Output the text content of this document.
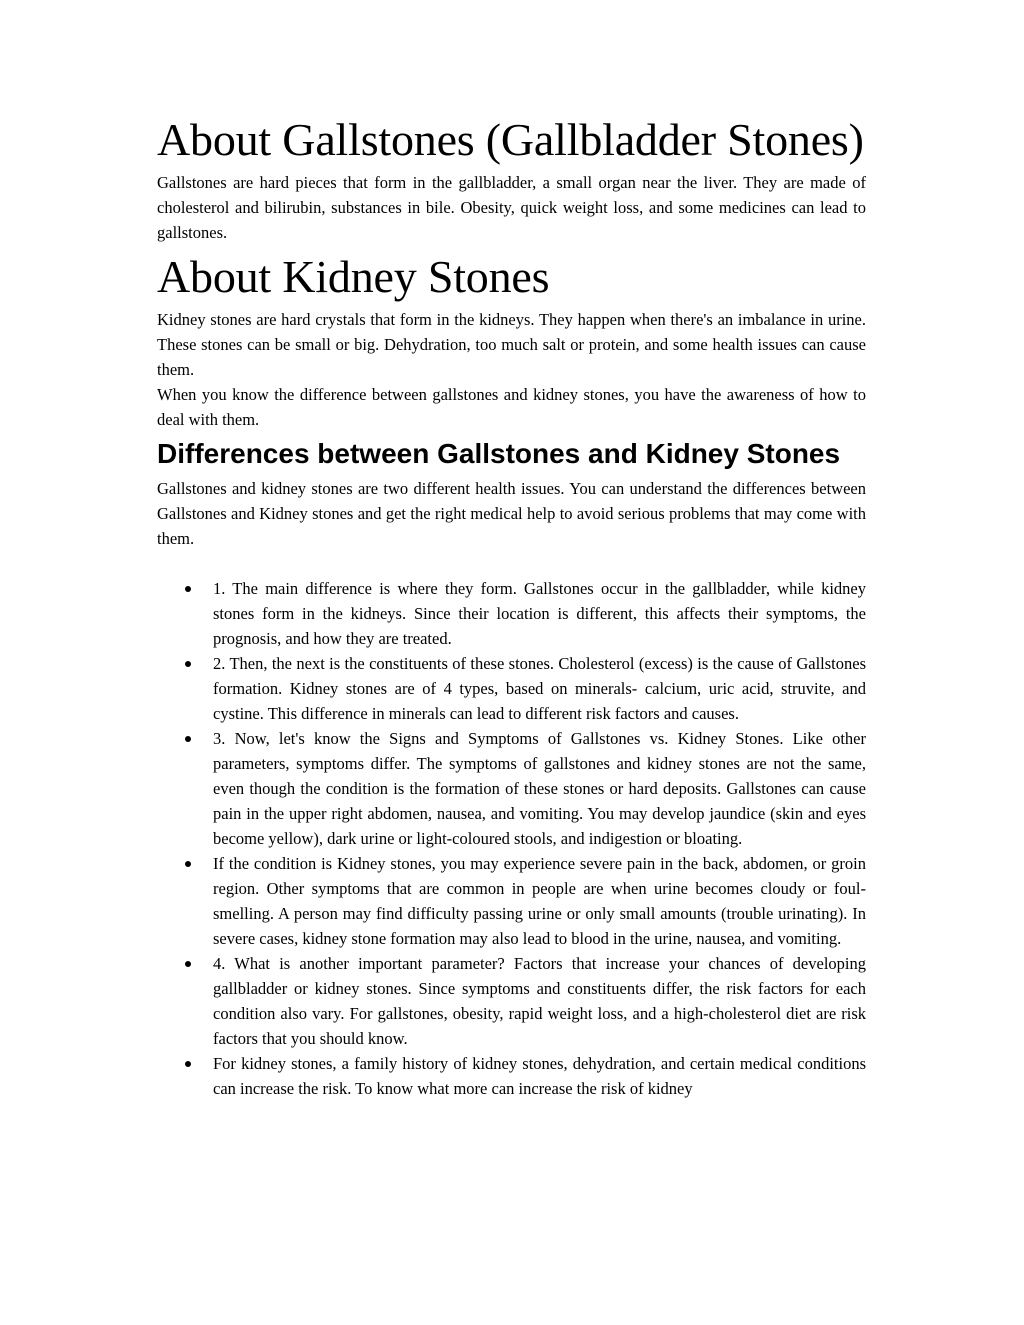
About Gallstones (Gallbladder Stones)

Gallstones are hard pieces that form in the gallbladder, a small organ near the liver. They are made of cholesterol and bilirubin, substances in bile. Obesity, quick weight loss, and some medicines can lead to gallstones.

About Kidney Stones

Kidney stones are hard crystals that form in the kidneys. They happen when there's an imbalance in urine. These stones can be small or big. Dehydration, too much salt or protein, and some health issues can cause them.

When you know the difference between gallstones and kidney stones, you have the awareness of how to deal with them.

Differences between Gallstones and Kidney Stones

Gallstones and kidney stones are two different health issues. You can understand the differences between Gallstones and Kidney stones and get the right medical help to avoid serious problems that may come with them.

1. The main difference is where they form. Gallstones occur in the gallbladder, while kidney stones form in the kidneys. Since their location is different, this affects their symptoms, the prognosis, and how they are treated.
2. Then, the next is the constituents of these stones. Cholesterol (excess) is the cause of Gallstones formation. Kidney stones are of 4 types, based on minerals- calcium, uric acid, struvite, and cystine. This difference in minerals can lead to different risk factors and causes.
3. Now, let's know the Signs and Symptoms of Gallstones vs. Kidney Stones. Like other parameters, symptoms differ. The symptoms of gallstones and kidney stones are not the same, even though the condition is the formation of these stones or hard deposits. Gallstones can cause pain in the upper right abdomen, nausea, and vomiting. You may develop jaundice (skin and eyes become yellow), dark urine or light-coloured stools, and indigestion or bloating.
If the condition is Kidney stones, you may experience severe pain in the back, abdomen, or groin region. Other symptoms that are common in people are when urine becomes cloudy or foul-smelling. A person may find difficulty passing urine or only small amounts (trouble urinating). In severe cases, kidney stone formation may also lead to blood in the urine, nausea, and vomiting.
4. What is another important parameter? Factors that increase your chances of developing gallbladder or kidney stones. Since symptoms and constituents differ, the risk factors for each condition also vary. For gallstones, obesity, rapid weight loss, and a high-cholesterol diet are risk factors that you should know.
For kidney stones, a family history of kidney stones, dehydration, and certain medical conditions can increase the risk. To know what more can increase the risk of kidney
